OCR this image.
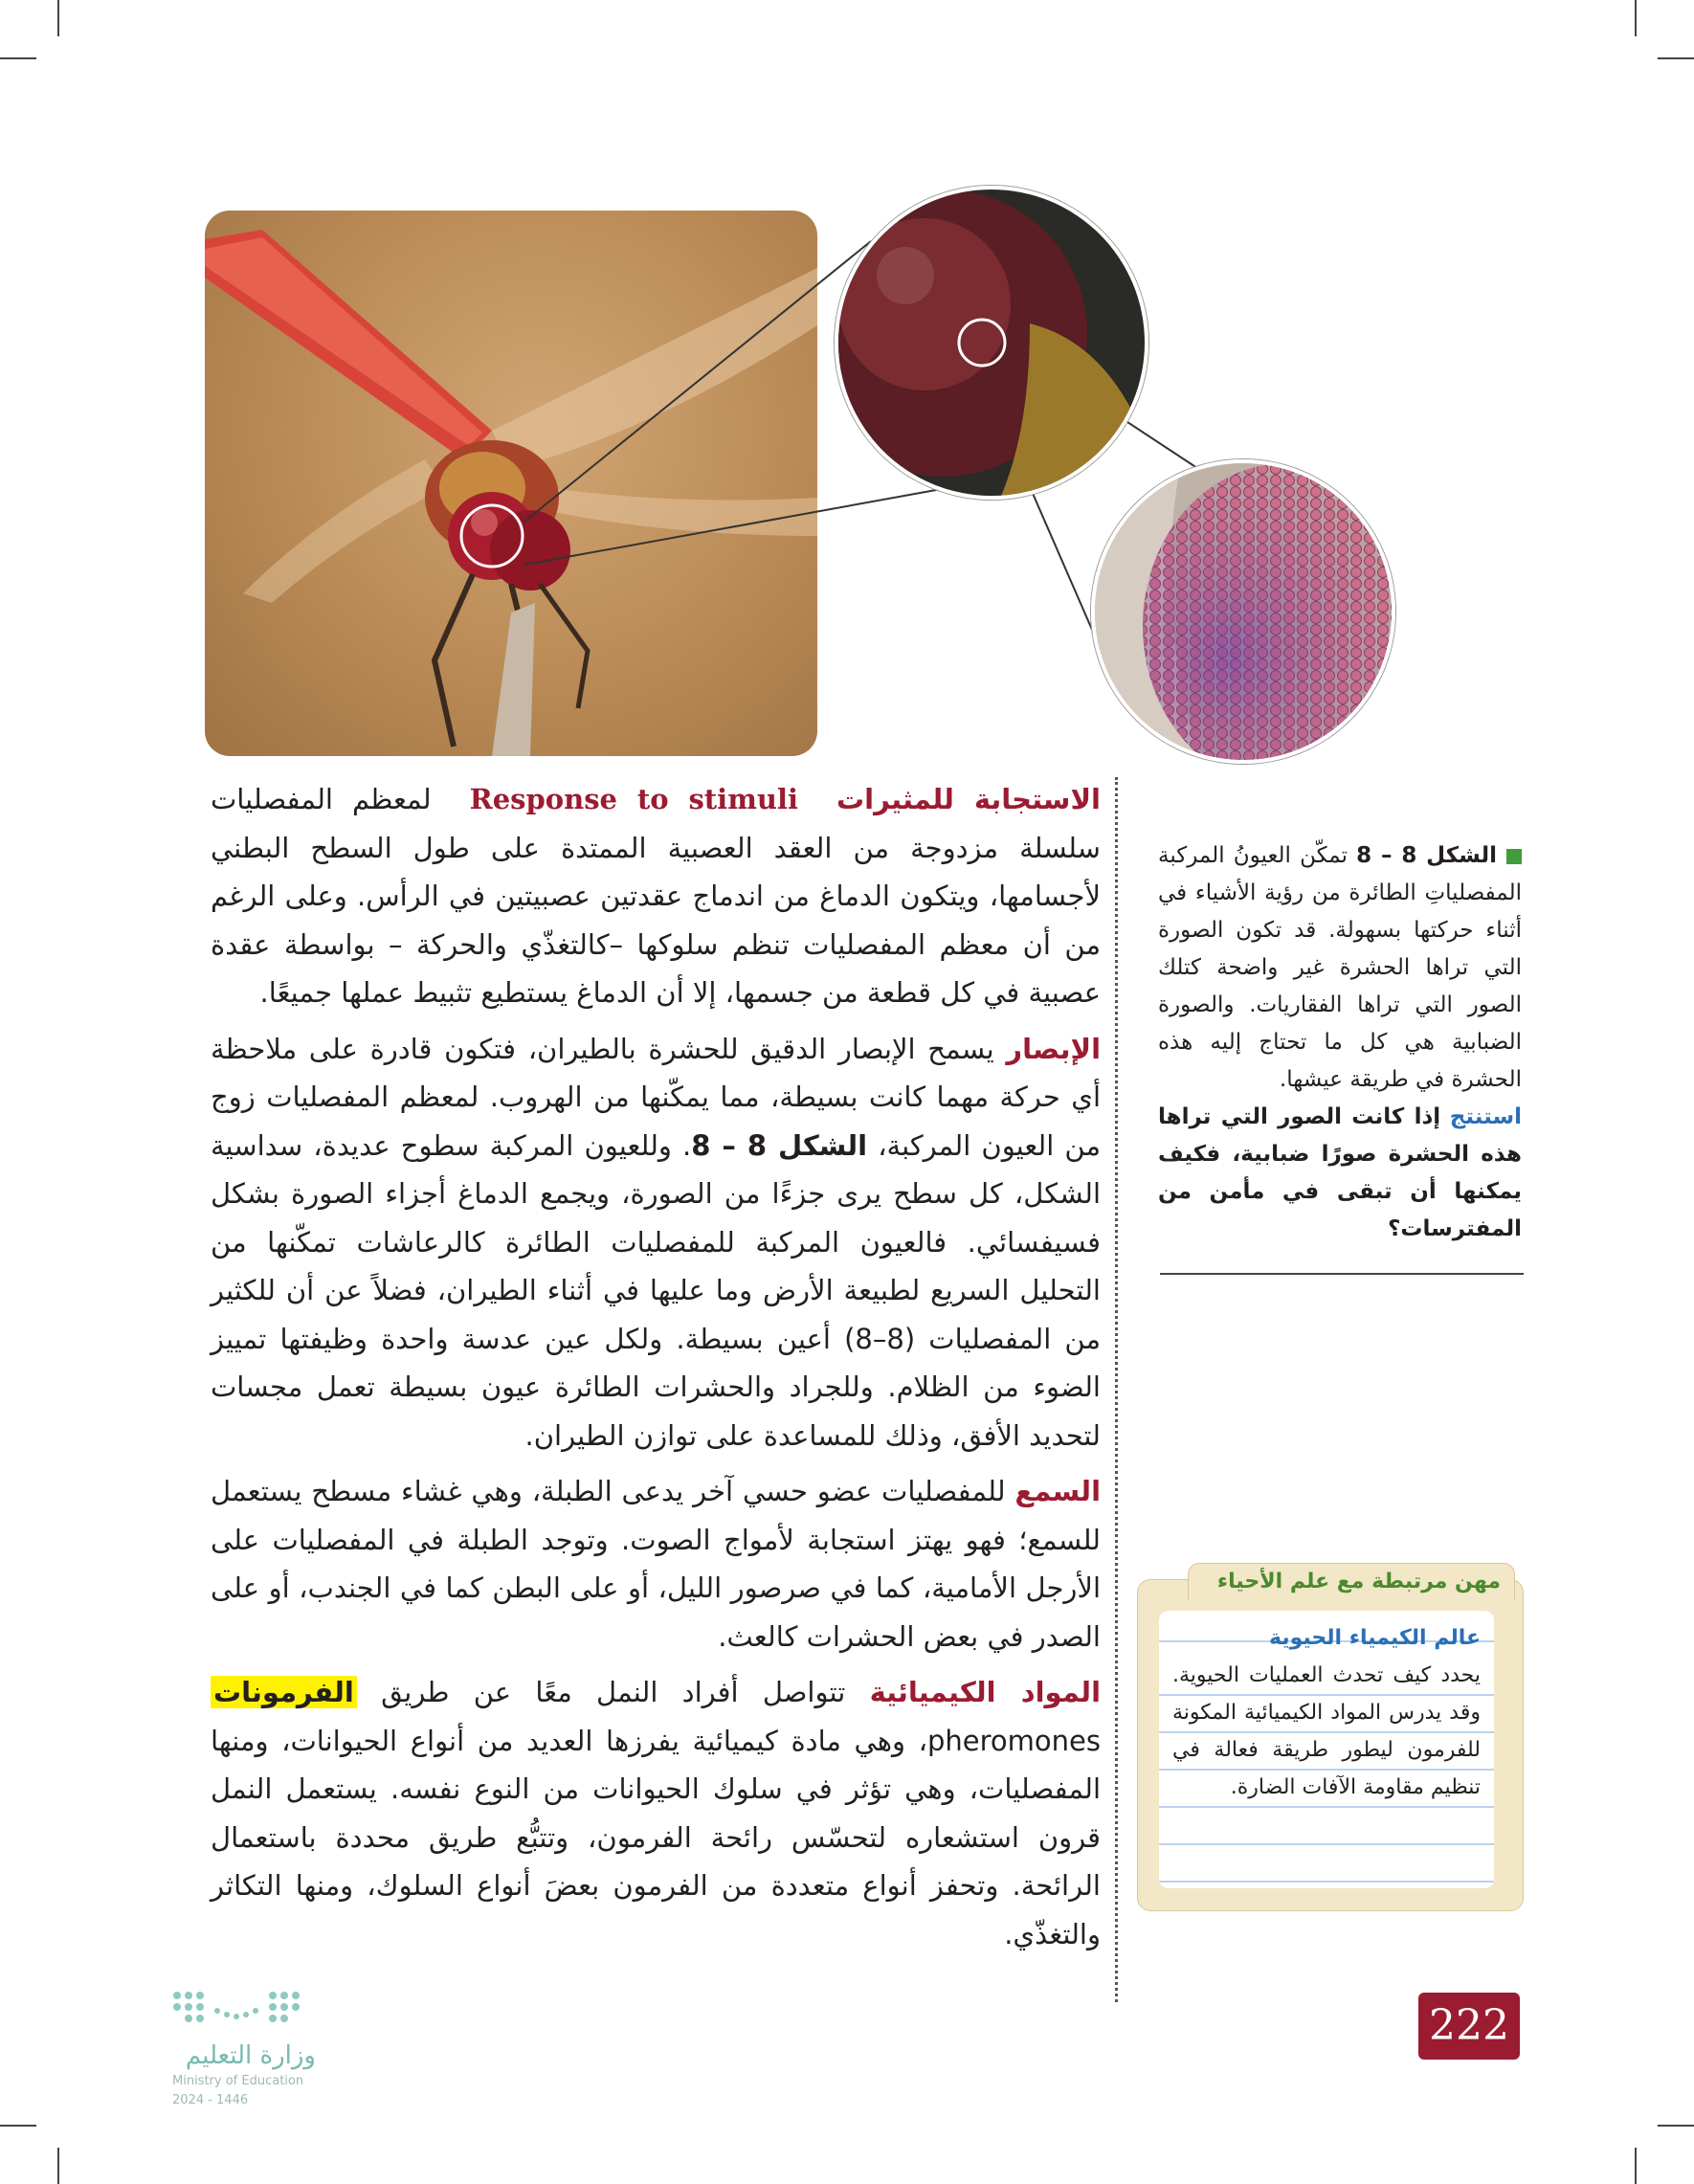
الاستجابة للمثيرات  Response to stimuli  لمعظم المفصليات سلسلة مزدوجة من العقد العصبية الممتدة على طول السطح البطني لأجسامها، ويتكون الدماغ من اندماج عقدتين عصبيتين في الرأس. وعلى الرغم من أن معظم المفصليات تنظم سلوكها –كالتغذّي والحركة – بواسطة عقدة عصبية في كل قطعة من جسمها، إلا أن الدماغ يستطيع تثبيط عملها جميعًا.

الإبصار يسمح الإبصار الدقيق للحشرة بالطيران، فتكون قادرة على ملاحظة أي حركة مهما كانت بسيطة، مما يمكّنها من الهروب. لمعظم المفصليات زوج من العيون المركبة، الشكل 8 – 8. وللعيون المركبة سطوح عديدة، سداسية الشكل، كل سطح يرى جزءًا من الصورة، ويجمع الدماغ أجزاء الصورة بشكل فسيفسائي. فالعيون المركبة للمفصليات الطائرة كالرعاشات تمكّنها من التحليل السريع لطبيعة الأرض وما عليها في أثناء الطيران، فضلاً عن أن للكثير من المفصليات (8–8) أعين بسيطة. ولكل عين عدسة واحدة وظيفتها تمييز الضوء من الظلام. وللجراد والحشرات الطائرة عيون بسيطة تعمل مجسات لتحديد الأفق، وذلك للمساعدة على توازن الطيران.

السمع للمفصليات عضو حسي آخر يدعى الطبلة، وهي غشاء مسطح يستعمل للسمع؛ فهو يهتز استجابة لأمواج الصوت. وتوجد الطبلة في المفصليات على الأرجل الأمامية، كما في صرصور الليل، أو على البطن كما في الجندب، أو على الصدر في بعض الحشرات كالعث.

المواد الكيميائية تتواصل أفراد النمل معًا عن طريق الفرمونات pheromones، وهي مادة كيميائية يفرزها العديد من أنواع الحيوانات، ومنها المفصليات، وهي تؤثر في سلوك الحيوانات من النوع نفسه. يستعمل النمل قرون استشعاره لتحسّس رائحة الفرمون، وتتبُّع طريق محددة باستعمال الرائحة. وتحفز أنواع متعددة من الفرمون بعضَ أنواع السلوك، ومنها التكاثر والتغذّي.

الشكل 8 – 8 تمكّن العيونُ المركبة المفصلياتِ الطائرة من رؤية الأشياء في أثناء حركتها بسهولة. قد تكون الصورة التي تراها الحشرة غير واضحة كتلك الصور التي تراها الفقاريات. والصورة الضبابية هي كل ما تحتاج إليه هذه الحشرة في طريقة عيشها.
استنتج إذا كانت الصور التي تراها هذه الحشرة صورًا ضبابية، فكيف يمكنها أن تبقى في مأمن من المفترسات؟
مهن مرتبطة مع علم الأحياء
عالم الكيمياء الحيوية
يحدد كيف تحدث العمليات الحيوية. وقد يدرس المواد الكيميائية المكونة للفرمون ليطور طريقة فعالة في تنظيم مقاومة الآفات الضارة.
222
وزارة التعليم
Ministry of Education
2024 - 1446
